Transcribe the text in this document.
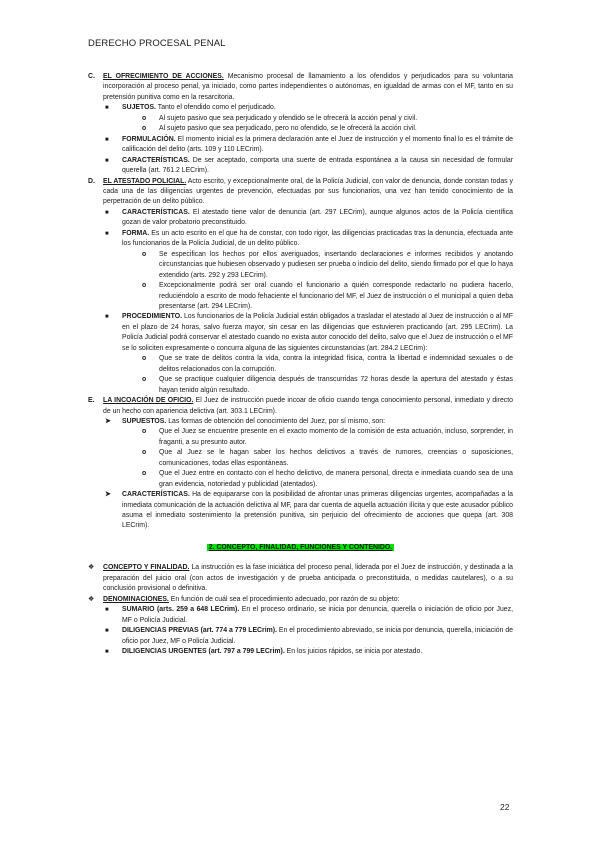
DERECHO PROCESAL PENAL
C. EL OFRECIMIENTO DE ACCIONES. Mecanismo procesal de llamamiento a los ofendidos y perjudicados para su voluntaria incorporación al proceso penal, ya iniciado, como partes independientes o autónomas, en igualdad de armas con el MF, tanto en su pretensión punitiva como en la resarcitoria.
■ SUJETOS. Tanto el ofendido como el perjudicado.
o Al sujeto pasivo que sea perjudicado y ofendido se le ofrecerá la acción penal y civil.
o Al sujeto pasivo que sea perjudicado, pero no ofendido, se le ofrecerá la acción civil.
■ FORMULACIÓN. El momento inicial es la primera declaración ante el Juez de instrucción y el momento final lo es el trámite de calificación del delito (arts. 109 y 110 LECrim).
■ CARACTERÍSTICAS. De ser aceptado, comporta una suerte de entrada espontánea a la causa sin necesidad de formular querella (art. 761.2 LECrim).
D. EL ATESTADO POLICIAL. Acto escrito, y excepcionalmente oral, de la Policía Judicial, con valor de denuncia, donde constan todas y cada una de las diligencias urgentes de prevención, efectuadas por sus funcionarios, una vez han tenido conocimiento de la perpetración de un delito público.
■ CARACTERÍSTICAS. El atestado tiene valor de denuncia (art. 297 LECrim), aunque algunos actos de la Policía científica gozan de valor probatorio preconstituido.
■ FORMA. Es un acto escrito en el que ha de constar, con todo rigor, las diligencias practicadas tras la denuncia, efectuada ante los funcionarios de la Policía Judicial, de un delito público.
o Se especifican los hechos por ellos averiguados, insertando declaraciones e informes recibidos y anotando circunstancias que hubiesen observado y pudiesen ser prueba o indicio del delito, siendo firmado por el que lo haya extendido (arts. 292 y 293 LECrim).
o Excepcionalmente podrá ser oral cuando el funcionario a quién corresponde redactarlo no pudiera hacerlo, reduciéndolo a escrito de modo fehaciente el funcionario del MF, el Juez de instrucción o el municipal a quien deba presentarse (art. 294 LECrim).
■ PROCEDIMIENTO. Los funcionarios de la Policía Judicial están obligados a trasladar el atestado al Juez de instrucción o al MF en el plazo de 24 horas, salvo fuerza mayor, sin cesar en las diligencias que estuvieren practicando (art. 295 LECrim). La Policía Judicial podrá conservar el atestado cuando no exista autor conocido del delito, salvo que el Juez de instrucción o el MF se lo soliciten expresamente o concurra alguna de las siguientes circunstancias (art. 284.2 LECrim):
o Que se trate de delitos contra la vida, contra la integridad física, contra la libertad e indemnidad sexuales o de delitos relacionados con la corrupción.
o Que se practique cualquier diligencia después de transcurridas 72 horas desde la apertura del atestado y éstas hayan tenido algún resultado.
E. LA INCOACIÓN DE OFICIO. El Juez de instrucción puede incoar de oficio cuando tenga conocimiento personal, inmediato y directo de un hecho con apariencia delictiva (art. 303.1 LECrim).
➤ SUPUESTOS. Las formas de obtención del conocimiento del Juez, por sí mismo, son:
o Que el Juez se encuentre presente en el exacto momento de la comisión de esta actuación, incluso, sorprender, in fraganti, a su presunto autor.
o Que al Juez se le hagan saber los hechos delictivos a través de rumores, creencias o suposiciones, comunicaciones, todas ellas espontáneas.
o Que el Juez entre en contacto con el hecho delictivo, de manera personal, directa e inmediata cuando sea de una gran evidencia, notoriedad y publicidad (atentados).
➤ CARACTERÍSTICAS. Ha de equipararse con la posibilidad de afrontar unas primeras diligencias urgentes, acompañadas a la inmediata comunicación de la actuación delictiva al MF, para dar cuenta de aquella actuación ilícita y que este acusador público asuma el inmediato sostenimiento la pretensión punitiva, sin perjuicio del ofrecimiento de acciones que quepa (art. 308 LECrim).
2. CONCEPTO, FINALIDAD, FUNCIONES Y CONTENIDO.
❖ CONCEPTO Y FINALIDAD. La instrucción es la fase iniciática del proceso penal, liderada por el Juez de instrucción, y destinada a la preparación del juicio oral (con actos de investigación y de prueba anticipada o preconstituida, o medidas cautelares), o a su conclusión provisional o definitiva.
❖ DENOMINACIONES. En función de cuál sea el procedimiento adecuado, por razón de su objeto:
■ SUMARIO (arts. 259 a 648 LECrim). En el proceso ordinario, se inicia por denuncia, querella o iniciación de oficio por Juez, MF o Policía Judicial.
■ DILIGENCIAS PREVIAS (art. 774 a 779 LECrim). En el procedimiento abreviado, se inicia por denuncia, querella, iniciación de oficio por Juez, MF o Policía Judicial.
■ DILIGENCIAS URGENTES (art. 797 a 799 LECrim). En los juicios rápidos, se inicia por atestado.
22
